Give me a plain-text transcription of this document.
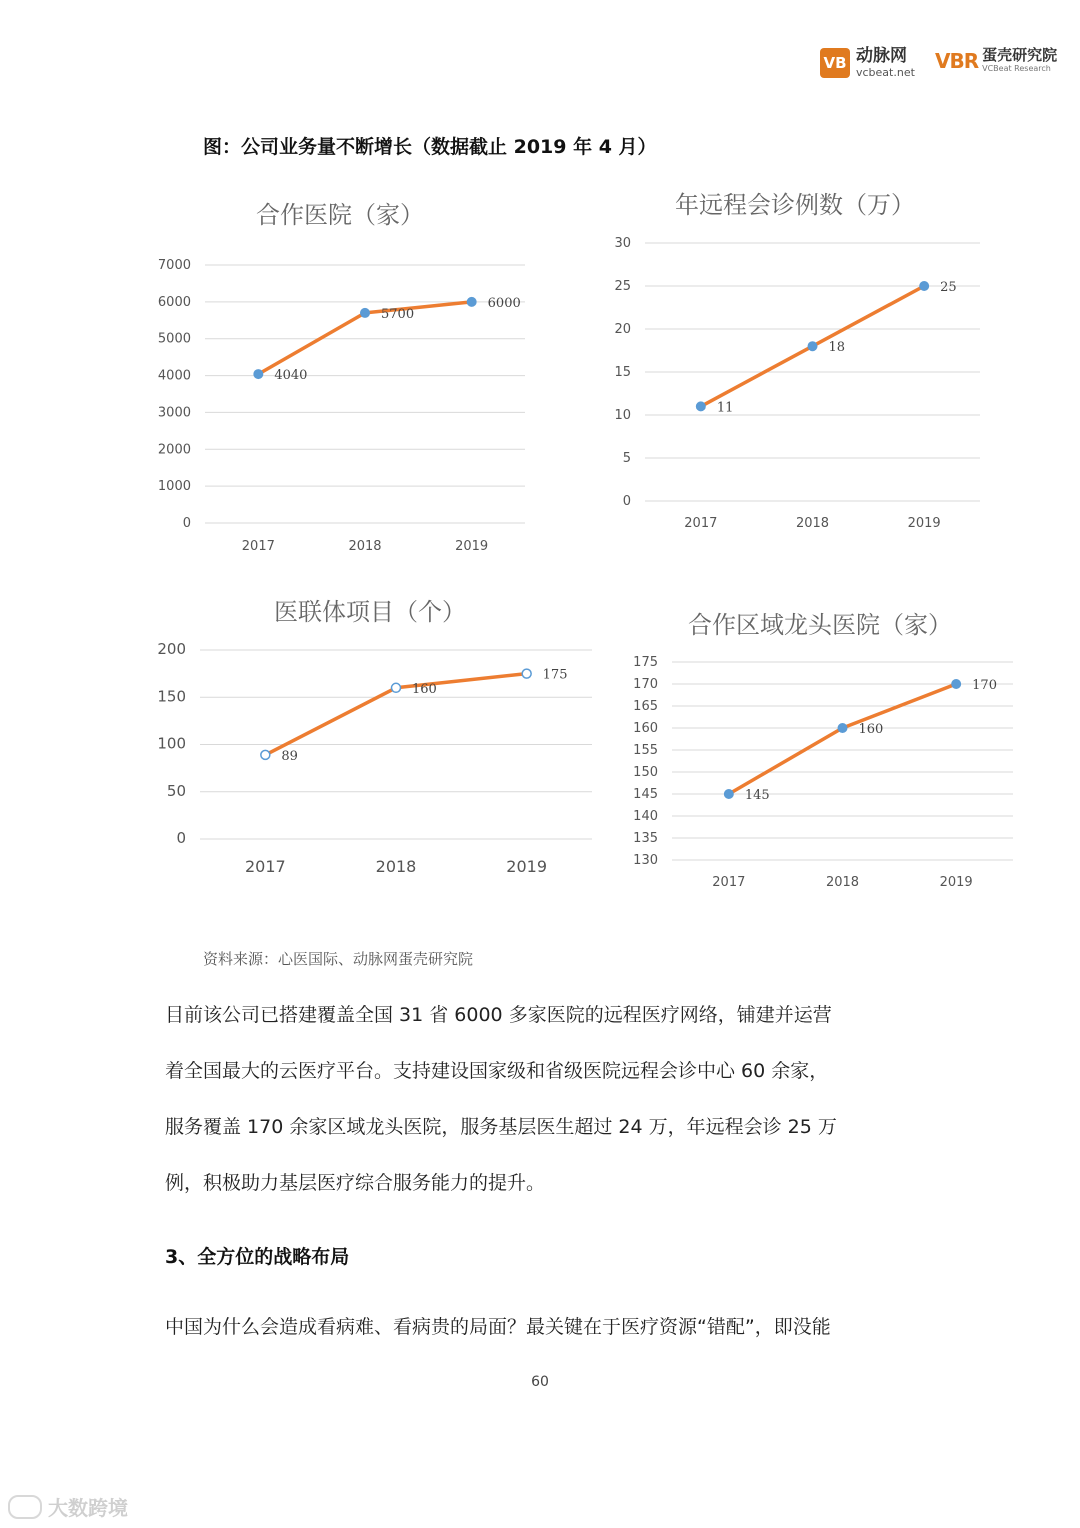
VB 动脉网
vcbeat.net VBR 蛋壳研究院
VCBeat Research
图：公司业务量不断增长（数据截止 2019 年 4 月）
合作医院（家）
0
1000
2000
3000
4000
5000
6000
7000
2017	2018	2019
4040
5700
6000
年远程会诊例数（万）
0
5
10
15
20
25
30
2017	2018	2019
11
18
25
医联体项目（个）
0
50
100
150
200
2017	2018	2019
89
160
175
合作区域龙头医院（家）
130
135
140
145
150
155
160
165
170
175
2017	2018	2019
145
160
170
资料来源：心医国际、动脉网蛋壳研究院

目前该公司已搭建覆盖全国 31 省 6000 多家医院的远程医疗网络，铺建并运营

着全国最大的云医疗平台。支持建设国家级和省级医院远程会诊中心 60 余家，

服务覆盖 170 余家区域龙头医院，服务基层医生超过 24 万，年远程会诊 25 万

例，积极助力基层医疗综合服务能力的提升。

3、全方位的战略布局

中国为什么会造成看病难、看病贵的局面？最关键在于医疗资源“错配”，即没能

60
大数跨境
